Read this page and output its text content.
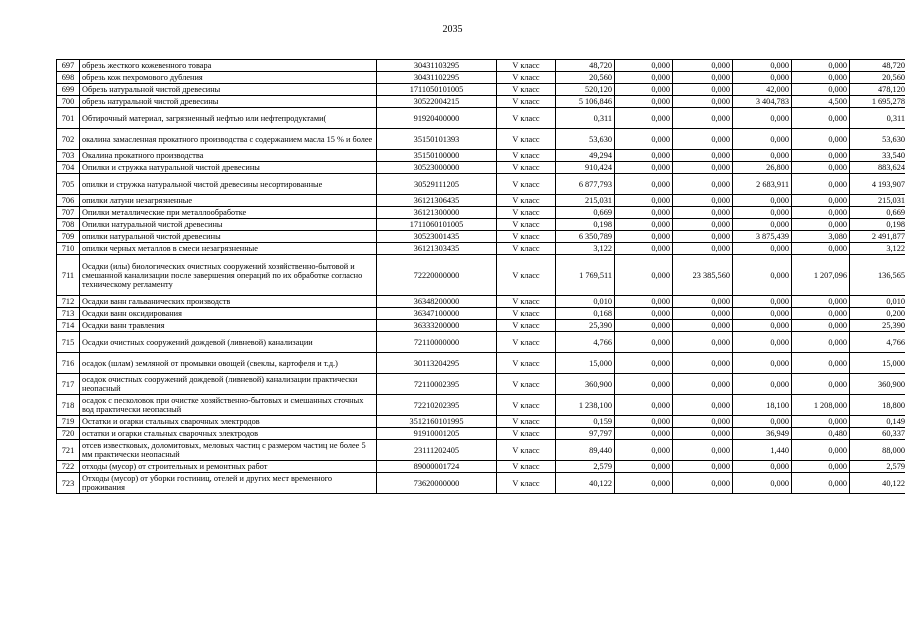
2035
697	обрезь жесткого кожевенного товара	30431103295	V класс	48,720	0,000	0,000	0,000	0,000	48,720
698	обрезь кож пехромового дубления	30431102295	V класс	20,560	0,000	0,000	0,000	0,000	20,560
699	Обрезь натуральной чистой древесины	1711050101005	V класс	520,120	0,000	0,000	42,000	0,000	478,120
700	обрезь натуральной чистой древесины	30522004215	V класс	5 106,846	0,000	0,000	3 404,783	4,500	1 695,278
701	Обтирочный материал, загрязненный нефтью или нефтепродуктами(	91920400000	V класс	0,311	0,000	0,000	0,000	0,000	0,311
702	окалина замасленная прокатного производства с содержанием масла 15 % и более	35150101393	V класс	53,630	0,000	0,000	0,000	0,000	53,630
703	Окалина прокатного производства	35150100000	V класс	49,294	0,000	0,000	0,000	0,000	33,540
704	Опилки и стружка натуральной чистой древесины	30523000000	V класс	910,424	0,000	0,000	26,800	0,000	883,624
705	опилки и стружка натуральной чистой древесины несортированные	30529111205	V класс	6 877,793	0,000	0,000	2 683,911	0,000	4 193,907
706	опилки латуни незагрязненные	36121306435	V класс	215,031	0,000	0,000	0,000	0,000	215,031
707	Опилки металлические при металлообработке	36121300000	V класс	0,669	0,000	0,000	0,000	0,000	0,669
708	Опилки натуральной чистой древесины	1711060101005	V класс	0,198	0,000	0,000	0,000	0,000	0,198
709	опилки натуральной чистой древесины	30523001435	V класс	6 350,789	0,000	0,000	3 875,439	3,080	2 491,877
710	опилки черных металлов в смеси незагрязненные	36121303435	V класс	3,122	0,000	0,000	0,000	0,000	3,122
711	Осадки (илы) биологических очистных сооружений хозяйственно-бытовой и смешанной канализации после завершения операций по их обработке согласно техническому регламенту	72220000000	V класс	1 769,511	0,000	23 385,560	0,000	1 207,096	136,565
712	Осадки ванн гальванических производств	36348200000	V класс	0,010	0,000	0,000	0,000	0,000	0,010
713	Осадки ванн оксидирования	36347100000	V класс	0,168	0,000	0,000	0,000	0,000	0,200
714	Осадки ванн травления	36333200000	V класс	25,390	0,000	0,000	0,000	0,000	25,390
715	Осадки очистных сооружений дождевой (ливневой) канализации	72110000000	V класс	4,766	0,000	0,000	0,000	0,000	4,766
716	осадок (шлам) земляной от промывки овощей (свеклы, картофеля и т.д.)	30113204295	V класс	15,000	0,000	0,000	0,000	0,000	15,000
717	осадок очистных сооружений дождевой (ливневой) канализации практически неопасный	72110002395	V класс	360,900	0,000	0,000	0,000	0,000	360,900
718	осадок с песколовок при очистке хозяйственно-бытовых и смешанных сточных вод практически неопасный	72210202395	V класс	1 238,100	0,000	0,000	18,100	1 208,000	18,800
719	Остатки и огарки стальных сварочных электродов	3512160101995	V класс	0,159	0,000	0,000	0,000	0,000	0,149
720	остатки и огарки стальных сварочных электродов	91910001205	V класс	97,797	0,000	0,000	36,949	0,480	60,337
721	отсев известковых, доломитовых, меловых частиц с размером частиц не более 5 мм практически неопасный	23111202405	V класс	89,440	0,000	0,000	1,440	0,000	88,000
722	отходы (мусор) от строительных и ремонтных работ	89000001724	V класс	2,579	0,000	0,000	0,000	0,000	2,579
723	Отходы (мусор) от уборки гостиниц, отелей и других мест временного проживания	73620000000	V класс	40,122	0,000	0,000	0,000	0,000	40,122
